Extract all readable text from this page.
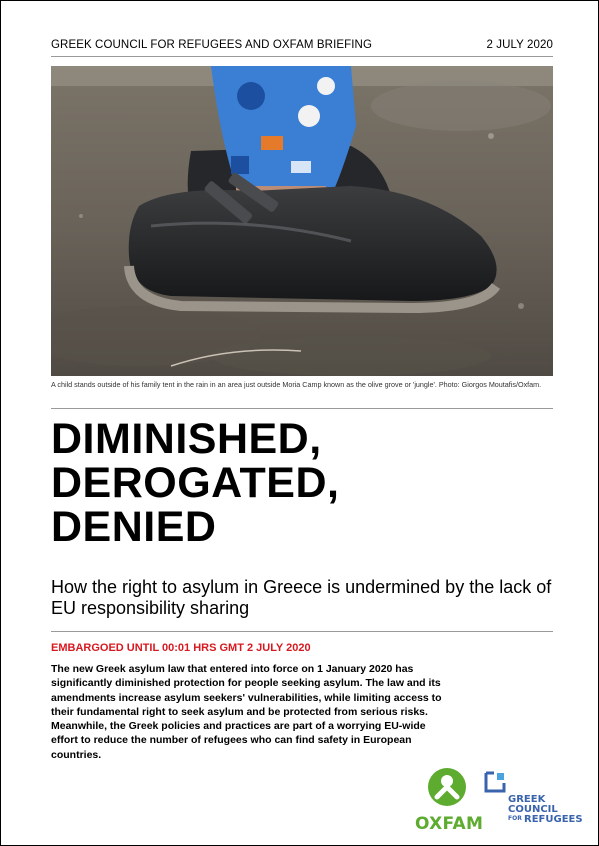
GREEK COUNCIL FOR REFUGEES AND OXFAM BRIEFING	2 JULY 2020
A child stands outside of his family tent in the rain in an area just outside Moria Camp known as the olive grove or 'jungle'. Photo: Giorgos Moutafis/Oxfam.
DIMINISHED,
DEROGATED,
DENIED
How the right to asylum in Greece is undermined by the lack of EU responsibility sharing
EMBARGOED UNTIL 00:01 HRS GMT 2 JULY 2020

The new Greek asylum law that entered into force on 1 January 2020 has significantly diminished protection for people seeking asylum. The law and its amendments increase asylum seekers' vulnerabilities, while limiting access to their fundamental right to seek asylum and be protected from serious risks. Meanwhile, the Greek policies and practices are part of a worrying EU-wide effort to reduce the number of refugees who can find safety in European countries.

OXFAM
GREEK
COUNCIL
FOR REFUGEES
